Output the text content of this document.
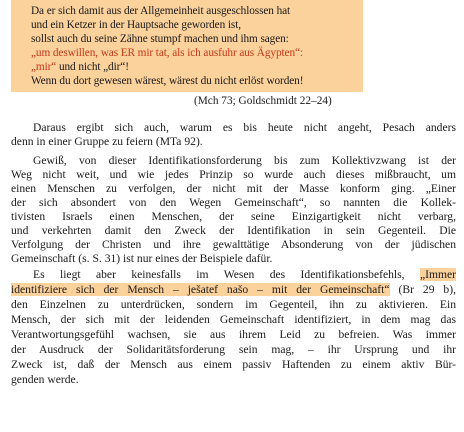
Da er sich damit aus der Allgemeinheit ausgeschlossen hat
und ein Ketzer in der Hauptsache geworden ist,
sollst auch du seine Zähne stumpf machen und ihm sagen:
„um deswillen, was ER mir tat, als ich ausfuhr aus Ägypten“:
„mir“ und nicht „dir“!
Wenn du dort gewesen wärest, wärest du nicht erlöst worden!
(Mch 73; Goldschmidt 22–24)
Daraus ergibt sich auch, warum es bis heute nicht angeht, Pesach anders
denn in einer Gruppe zu feiern (MTa 92).
Gewiß, von dieser Identifikationsforderung bis zum Kollektivzwang ist der
Weg nicht weit, und wie jedes Prinzip so wurde auch dieses mißbraucht, um
einen Menschen zu verfolgen, der nicht mit der Masse konform ging. „Einer
der sich absondert von den Wegen Gemeinschaft“, so nannten die Kollek-
tivisten Israels einen Menschen, der seine Einzigartigkeit nicht verbarg,
und verkehrten damit den Zweck der Identifikation in sein Gegenteil. Die
Verfolgung der Christen und ihre gewalttätige Absonderung von der jüdischen
Gemeinschaft (s. S. 31) ist nur eines der Beispiele dafür.
Es liegt aber keinesfalls im Wesen des Identifikationsbefehls, „Immer
identifiziere sich der Mensch – ješatef našo – mit der Gemeinschaft“ (Br 29 b),
den Einzelnen zu unterdrücken, sondern im Gegenteil, ihn zu aktivieren. Ein
Mensch, der sich mit der leidenden Gemeinschaft identifiziert, in dem mag das
Verantwortungsgefühl wachsen, sie aus ihrem Leid zu befreien. Was immer
der Ausdruck der Solidaritätsforderung sein mag, – ihr Ursprung und ihr
Zweck ist, daß der Mensch aus einem passiv Haftenden zu einem aktiv Bür-
genden werde.
